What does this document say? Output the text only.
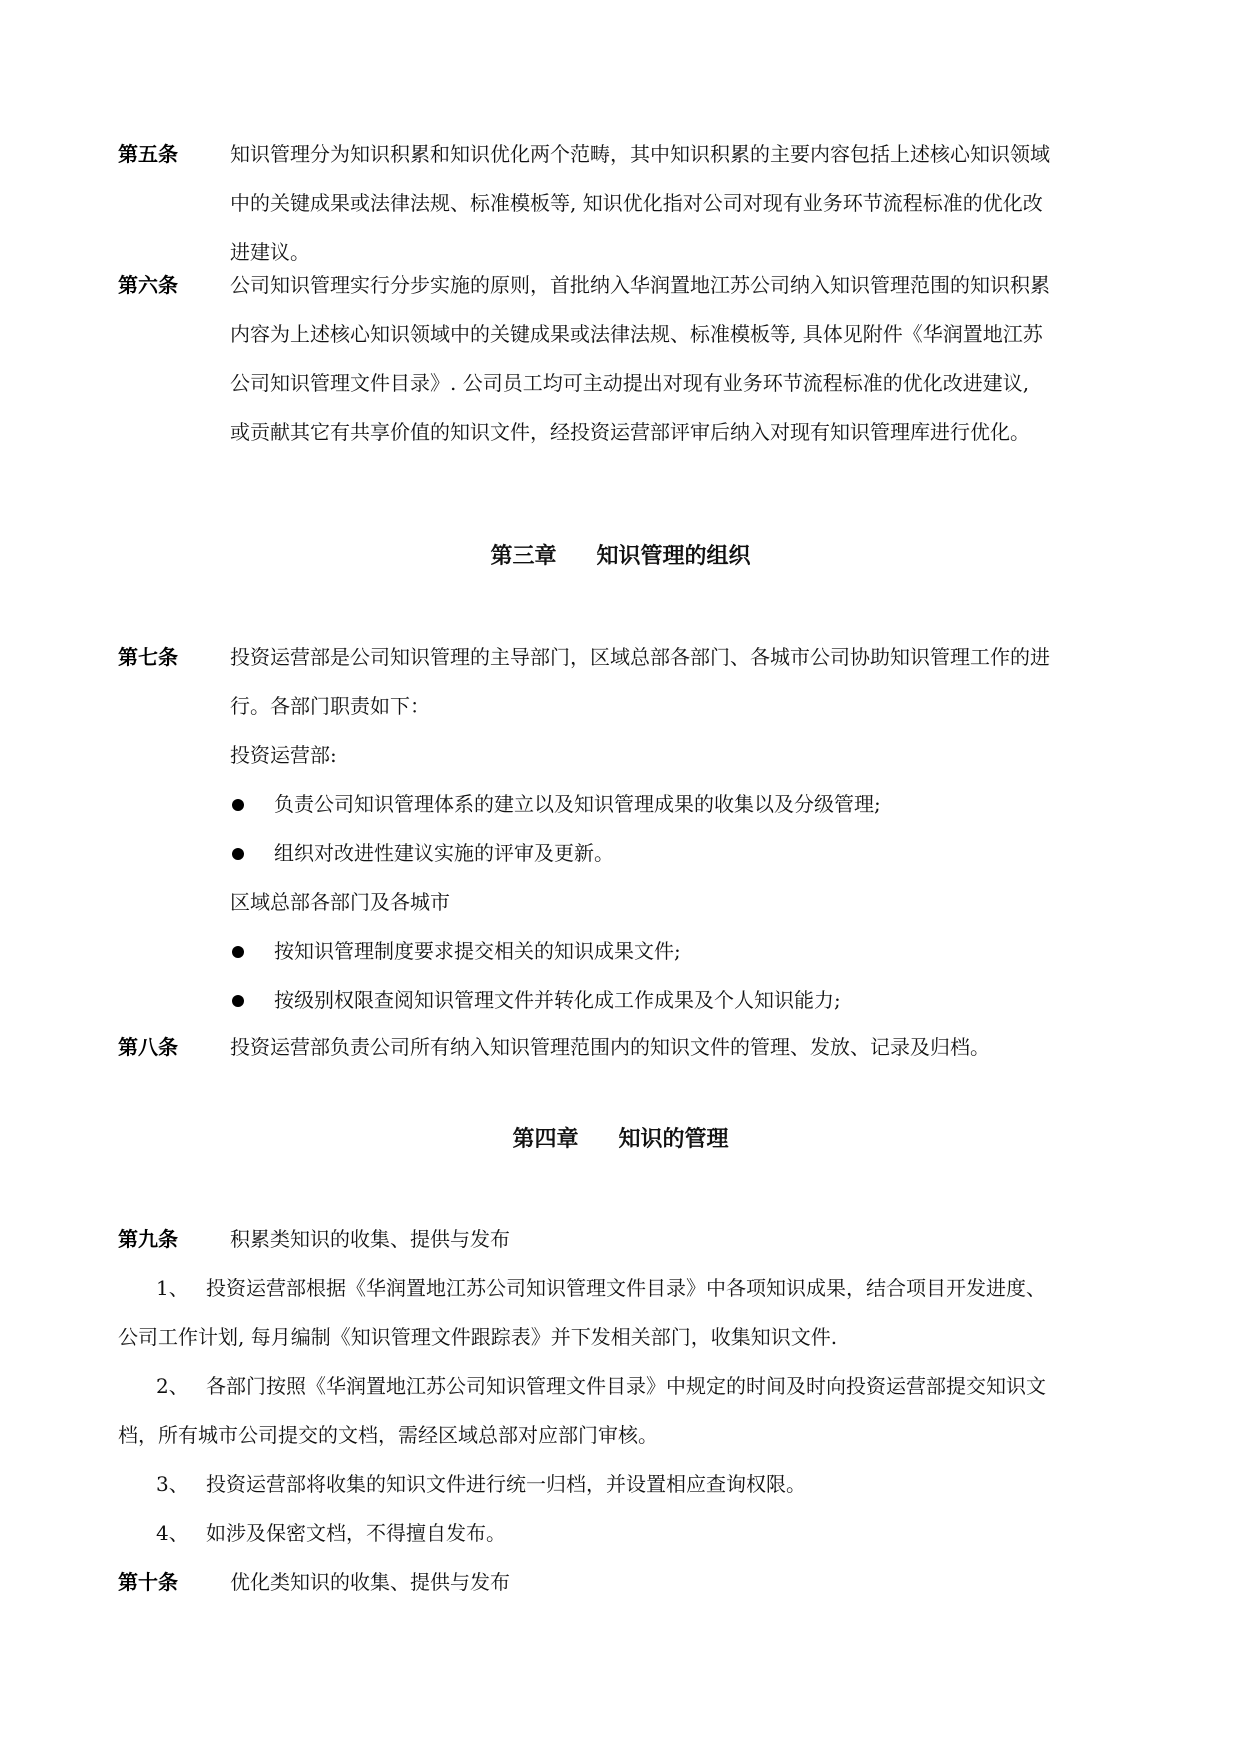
第五条	知识管理分为知识积累和知识优化两个范畴，其中知识积累的主要内容包括上述核心知识领域

中的关键成果或法律法规、标准模板等, 知识优化指对公司对现有业务环节流程标准的优化改

进建议。

第六条	公司知识管理实行分步实施的原则，首批纳入华润置地江苏公司纳入知识管理范围的知识积累

内容为上述核心知识领域中的关键成果或法律法规、标准模板等, 具体见附件《华润置地江苏

公司知识管理文件目录》. 公司员工均可主动提出对现有业务环节流程标准的优化改进建议,

或贡献其它有共享价值的知识文件，经投资运营部评审后纳入对现有知识管理库进行优化。

第三章 知识管理的组织
第七条	投资运营部是公司知识管理的主导部门，区域总部各部门、各城市公司协助知识管理工作的进

行。各部门职责如下：

投资运营部:

负责公司知识管理体系的建立以及知识管理成果的收集以及分级管理;

组织对改进性建议实施的评审及更新。

区域总部各部门及各城市

按知识管理制度要求提交相关的知识成果文件;

按级别权限查阅知识管理文件并转化成工作成果及个人知识能力;

第八条	投资运营部负责公司所有纳入知识管理范围内的知识文件的管理、发放、记录及归档。

第四章 知识的管理
第九条	积累类知识的收集、提供与发布

1、 投资运营部根据《华润置地江苏公司知识管理文件目录》中各项知识成果，结合项目开发进度、
公司工作计划, 每月编制《知识管理文件跟踪表》并下发相关部门，收集知识文件.
2、 各部门按照《华润置地江苏公司知识管理文件目录》中规定的时间及时向投资运营部提交知识文
档，所有城市公司提交的文档，需经区域总部对应部门审核。
3、 投资运营部将收集的知识文件进行统一归档，并设置相应查询权限。
4、 如涉及保密文档，不得擅自发布。
第十条	优化类知识的收集、提供与发布
